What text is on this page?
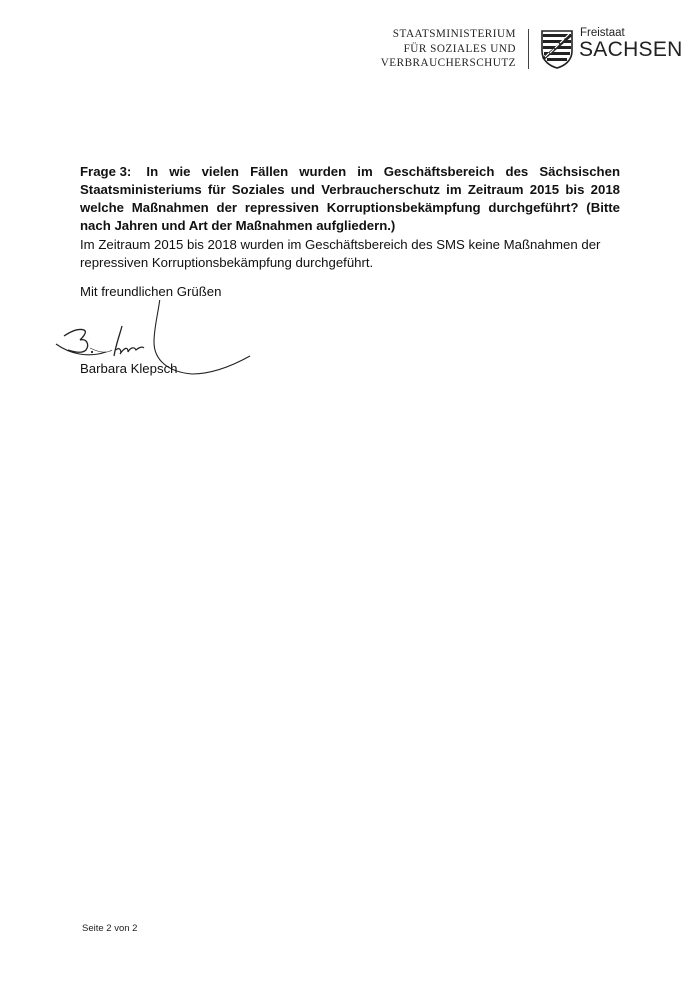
STAATSMINISTERIUM
FÜR SOZIALES UND
VERBRAUCHERSCHUTZ
Freistaat
SACHSEN
Frage 3: In wie vielen Fällen wurden im Geschäftsbereich des Sächsischen Staatsministeriums für Soziales und Verbraucherschutz im Zeitraum 2015 bis 2018 welche Maßnahmen der repressiven Korruptionsbekämpfung durchgeführt? (Bitte nach Jahren und Art der Maßnahmen aufgliedern.)
Im Zeitraum 2015 bis 2018 wurden im Geschäftsbereich des SMS keine Maßnahmen der repressiven Korruptionsbekämpfung durchgeführt.
Mit freundlichen Grüßen
Barbara Klepsch
Seite 2 von 2
